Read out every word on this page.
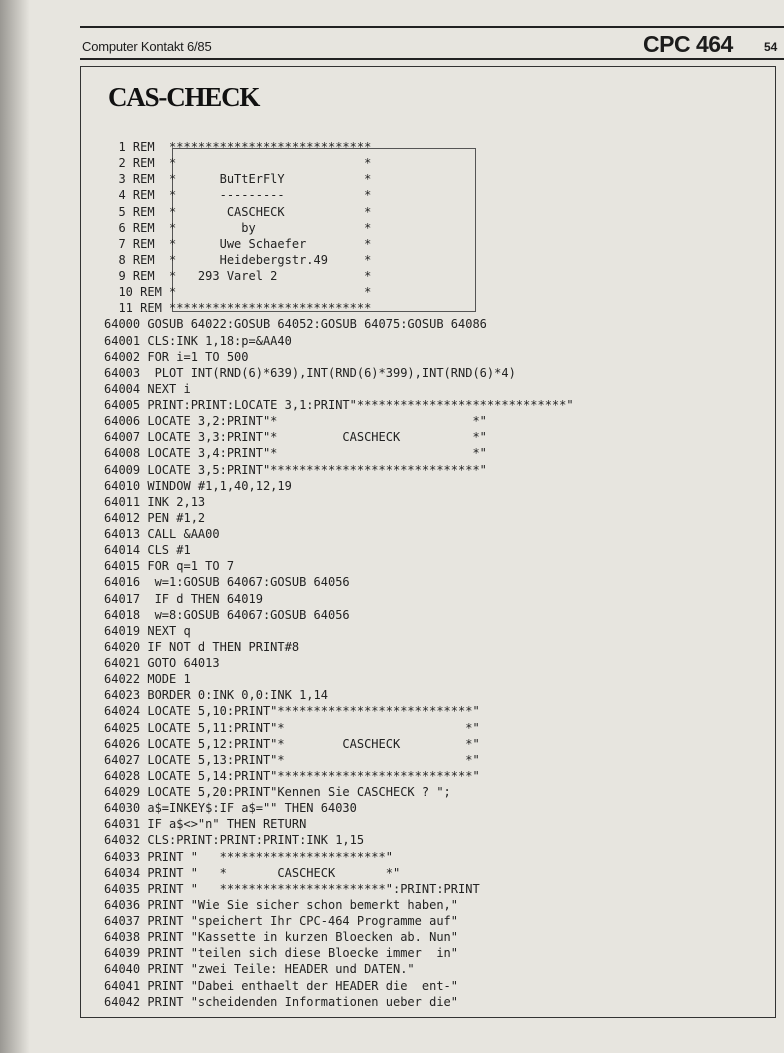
Computer Kontakt 6/85	CPC 464	54
CAS-CHECK
1 REM  ****************************
2 REM  *                          *
3 REM  *      BuTtErFlY           *
4 REM  *      ---------           *
5 REM  *       CASCHECK           *
6 REM  *         by               *
7 REM  *      Uwe Schaefer        *
8 REM  *      Heidebergstr.49     *
9 REM  *   293 Varel 2            *
10 REM *                          *
11 REM ****************************
64000 GOSUB 64022:GOSUB 64052:GOSUB 64075:GOSUB 64086
64001 CLS:INK 1,18:p=&AA40
64002 FOR i=1 TO 500
64003  PLOT INT(RND(6)*639),INT(RND(6)*399),INT(RND(6)*4)
64004 NEXT i
64005 PRINT:PRINT:LOCATE 3,1:PRINT"*****************************"
64006 LOCATE 3,2:PRINT"*                           *"
64007 LOCATE 3,3:PRINT"*         CASCHECK          *"
64008 LOCATE 3,4:PRINT"*                           *"
64009 LOCATE 3,5:PRINT"*****************************"
64010 WINDOW #1,1,40,12,19
64011 INK 2,13
64012 PEN #1,2
64013 CALL &AA00
64014 CLS #1
64015 FOR q=1 TO 7
64016  w=1:GOSUB 64067:GOSUB 64056
64017  IF d THEN 64019
64018  w=8:GOSUB 64067:GOSUB 64056
64019 NEXT q
64020 IF NOT d THEN PRINT#8
64021 GOTO 64013
64022 MODE 1
64023 BORDER 0:INK 0,0:INK 1,14
64024 LOCATE 5,10:PRINT"***************************"
64025 LOCATE 5,11:PRINT"*                         *"
64026 LOCATE 5,12:PRINT"*        CASCHECK         *"
64027 LOCATE 5,13:PRINT"*                         *"
64028 LOCATE 5,14:PRINT"***************************"
64029 LOCATE 5,20:PRINT"Kennen Sie CASCHECK ? ";
64030 a$=INKEY$:IF a$="" THEN 64030
64031 IF a$<>"n" THEN RETURN
64032 CLS:PRINT:PRINT:PRINT:INK 1,15
64033 PRINT "   ***********************"
64034 PRINT "   *       CASCHECK       *"
64035 PRINT "   ***********************":PRINT:PRINT
64036 PRINT "Wie Sie sicher schon bemerkt haben,"
64037 PRINT "speichert Ihr CPC-464 Programme auf"
64038 PRINT "Kassette in kurzen Bloecken ab. Nun"
64039 PRINT "teilen sich diese Bloecke immer  in"
64040 PRINT "zwei Teile: HEADER und DATEN."
64041 PRINT "Dabei enthaelt der HEADER die  ent-"
64042 PRINT "scheidenden Informationen ueber die"
